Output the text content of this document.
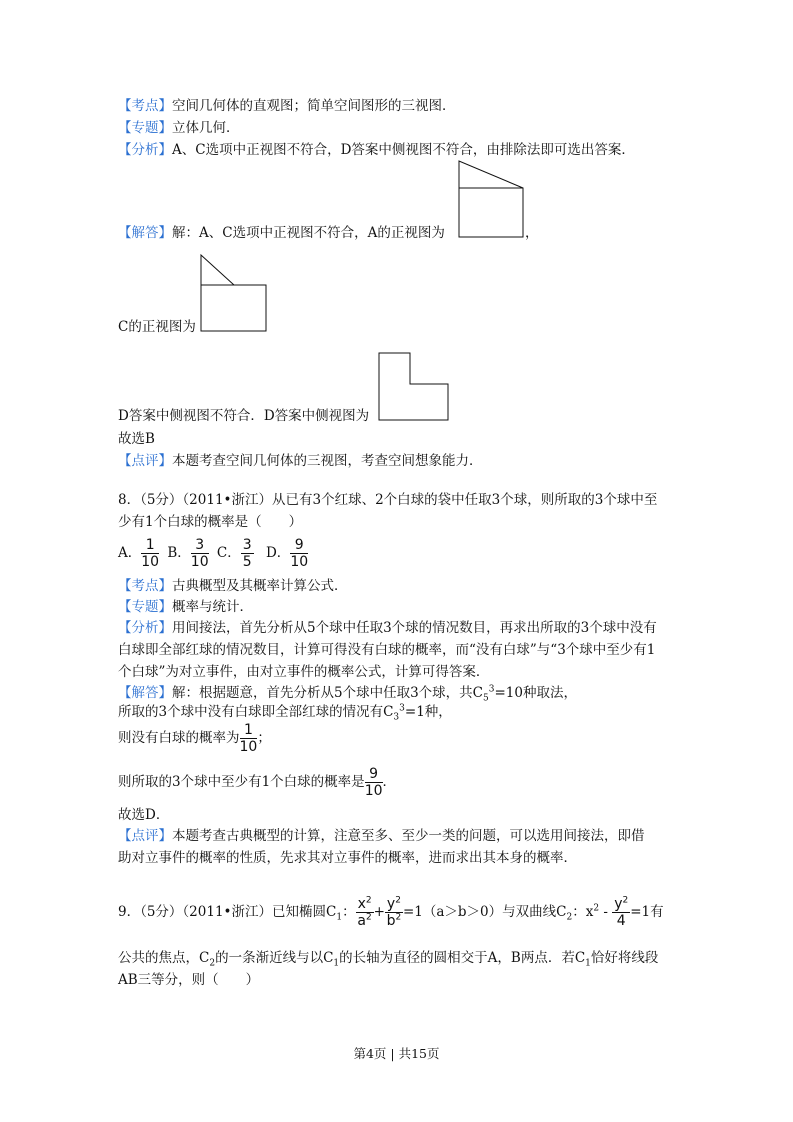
【考点】空间几何体的直观图；简单空间图形的三视图．
【专题】立体几何．
【分析】A、C选项中正视图不符合，D答案中侧视图不符合，由排除法即可选出答案．
【解答】解：A、C选项中正视图不符合，A的正视图为	，
C的正视图为
D答案中侧视图不符合．D答案中侧视图为
故选B
【点评】本题考查空间几何体的三视图，考查空间想象能力．
8．（5分）（2011•浙江）从已有3个红球、2个白球的袋中任取3个球，则所取的3个球中至
少有1个白球的概率是（　　）
A． $\frac{1}{10}$ B． $\frac{3}{10}$ C． $\frac{3}{5}$ D． $\frac{9}{10}$
【考点】古典概型及其概率计算公式．
【专题】概率与统计．
【分析】用间接法，首先分析从5个球中任取3个球的情况数目，再求出所取的3个球中没有
白球即全部红球的情况数目，计算可得没有白球的概率，而“没有白球”与“3个球中至少有1
个白球”为对立事件，由对立事件的概率公式，计算可得答案．
【解答】解：根据题意，首先分析从5个球中任取3个球，共$C_5^3=10$种取法，
所取的3个球中没有白球即全部红球的情况有$C_3^3=1$种，
则没有白球的概率为 $\frac{1}{10}$ ；
则所取的3个球中至少有1个白球的概率是 $\frac{9}{10}$ ．
故选D．
【点评】本题考查古典概型的计算，注意至多、至少一类的问题，可以选用间接法，即借
助对立事件的概率的性质，先求其对立事件的概率，进而求出其本身的概率．
9．（5分）（2011•浙江）已知椭圆$C_1$： $\frac{x^2}{a^2} + \frac{y^2}{b^2} =1(a>b>0)$与双曲线$C_2$：$x^2 - \frac{y^2}{4} =1$有
公共的焦点，$C_2$的一条渐近线与以$C_1$的长轴为直径的圆相交于A，B两点．若$C_1$恰好将线段
AB三等分，则（　　）
第4页 | 共15页
